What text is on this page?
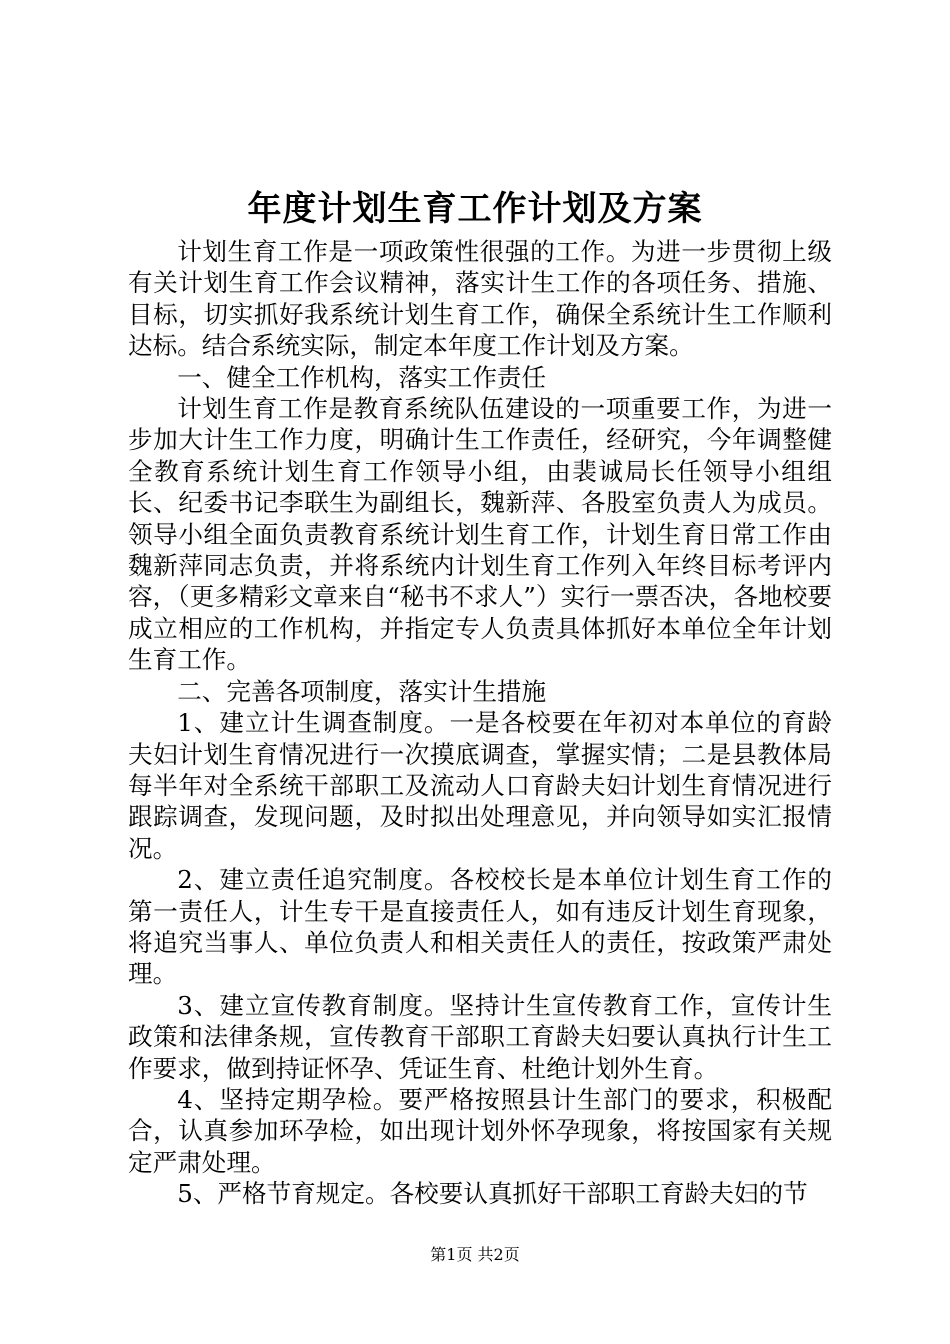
年度计划生育工作计划及方案

计划生育工作是一项政策性很强的工作。为进一步贯彻上级有关计划生育工作会议精神，落实计生工作的各项任务、措施、目标，切实抓好我系统计划生育工作，确保全系统计生工作顺利达标。结合系统实际，制定本年度工作计划及方案。

一、健全工作机构，落实工作责任

计划生育工作是教育系统队伍建设的一项重要工作，为进一步加大计生工作力度，明确计生工作责任，经研究，今年调整健全教育系统计划生育工作领导小组，由裴诚局长任领导小组组长、纪委书记李联生为副组长，魏新萍、各股室负责人为成员。领导小组全面负责教育系统计划生育工作，计划生育日常工作由魏新萍同志负责，并将系统内计划生育工作列入年终目标考评内容，（更多精彩文章来自“秘书不求人”）实行一票否决，各地校要成立相应的工作机构，并指定专人负责具体抓好本单位全年计划生育工作。

二、完善各项制度，落实计生措施

1、建立计生调查制度。一是各校要在年初对本单位的育龄夫妇计划生育情况进行一次摸底调查，掌握实情；二是县教体局每半年对全系统干部职工及流动人口育龄夫妇计划生育情况进行跟踪调查，发现问题，及时拟出处理意见，并向领导如实汇报情况。

2、建立责任追究制度。各校校长是本单位计划生育工作的第一责任人，计生专干是直接责任人，如有违反计划生育现象，将追究当事人、单位负责人和相关责任人的责任，按政策严肃处理。

3、建立宣传教育制度。坚持计生宣传教育工作，宣传计生政策和法律条规，宣传教育干部职工育龄夫妇要认真执行计生工作要求，做到持证怀孕、凭证生育、杜绝计划外生育。

4、坚持定期孕检。要严格按照县计生部门的要求，积极配合，认真参加环孕检，如出现计划外怀孕现象，将按国家有关规定严肃处理。

5、严格节育规定。各校要认真抓好干部职工育龄夫妇的节

第1页 共2页
